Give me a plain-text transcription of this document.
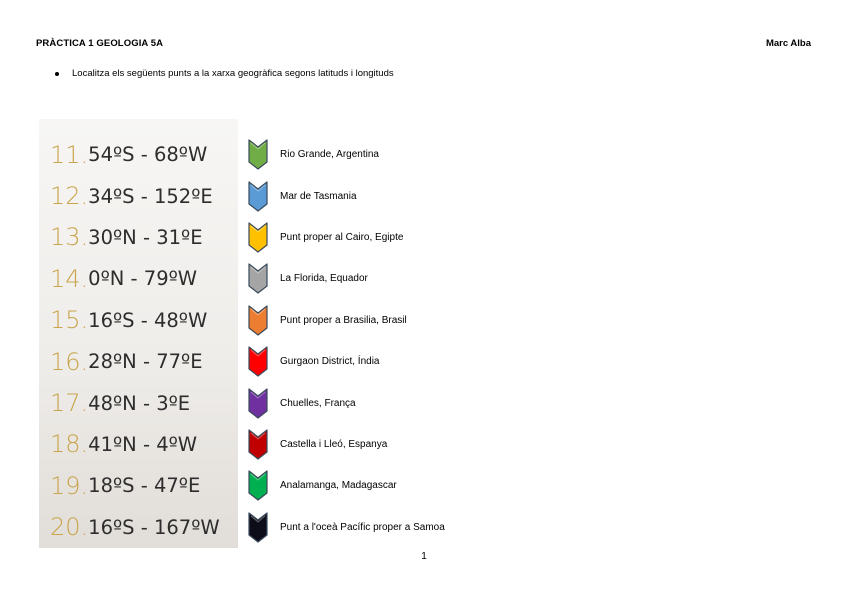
PRÀCTICA 1 GEOLOGIA 5A	Marc Alba
Localitza els següents punts a la xarxa geogràfica segons latituds i longituds
11. 54ºS - 68ºW
12. 34ºS - 152ºE
13. 30ºN - 31ºE
14. 0ºN - 79ºW
15. 16ºS - 48ºW
16. 28ºN - 77ºE
17. 48ºN - 3ºE
18. 41ºN - 4ºW
19. 18ºS - 47ºE
20. 16ºS - 167ºW
Rio Grande, Argentina
Mar de Tasmania
Punt proper al Cairo, Egipte
La Florida, Equador
Punt proper a Brasilia, Brasil
Gurgaon District, Índia
Chuelles, França
Castella i Lleó, Espanya
Analamanga, Madagascar
Punt a l'oceà Pacífic proper a Samoa
1
